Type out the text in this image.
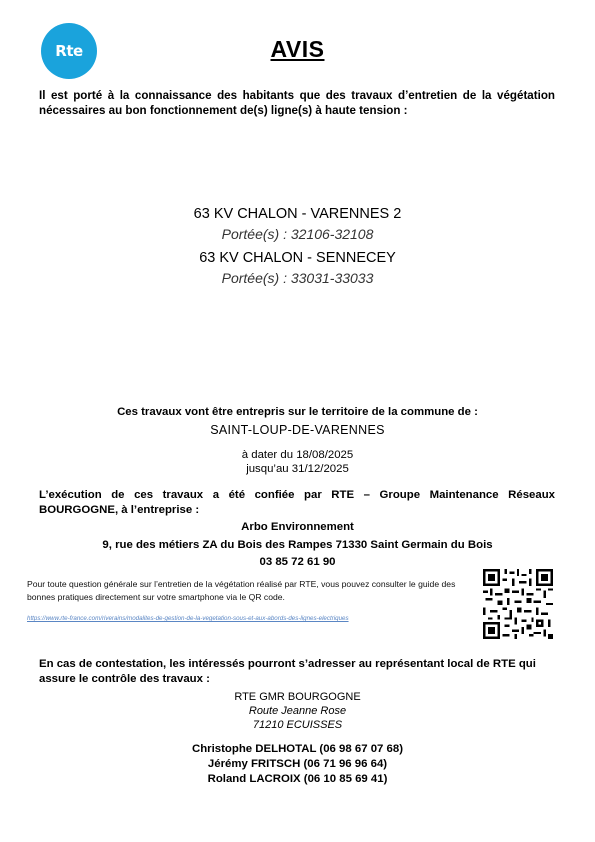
Rte	AVIS
Il est porté à la connaissance des habitants que des travaux d’entretien de la végétation nécessaires au bon fonctionnement de(s) ligne(s) à haute tension :
63 KV CHALON - VARENNES 2
Portée(s) : 32106-32108
63 KV CHALON - SENNECEY
Portée(s) : 33031-33033
Ces travaux vont être entrepris sur le territoire de la commune de :
SAINT-LOUP-DE-VARENNES
à dater du 18/08/2025
jusqu’au 31/12/2025
L’exécution de ces travaux a été confiée par RTE – Groupe Maintenance Réseaux BOURGOGNE, à l’entreprise :
Arbo Environnement
9, rue des métiers ZA du Bois des Rampes 71330 Saint Germain du Bois
03 85 72 61 90
Pour toute question générale sur l’entretien de la végétation réalisé par RTE, vous pouvez consulter le guide des bonnes pratiques directement sur votre smartphone via le QR code.
https://www.rte-france.com/riverains/modalites-de-gestion-de-la-vegetation-sous-et-aux-abords-des-lignes-electriques
En cas de contestation, les intéressés pourront s’adresser au représentant local de RTE qui assure le contrôle des travaux :
RTE GMR BOURGOGNE
Route Jeanne Rose
71210 ECUISSES
Christophe DELHOTAL (06 98 67 07 68)
Jérémy FRITSCH (06 71 96 96 64)
Roland LACROIX (06 10 85 69 41)
